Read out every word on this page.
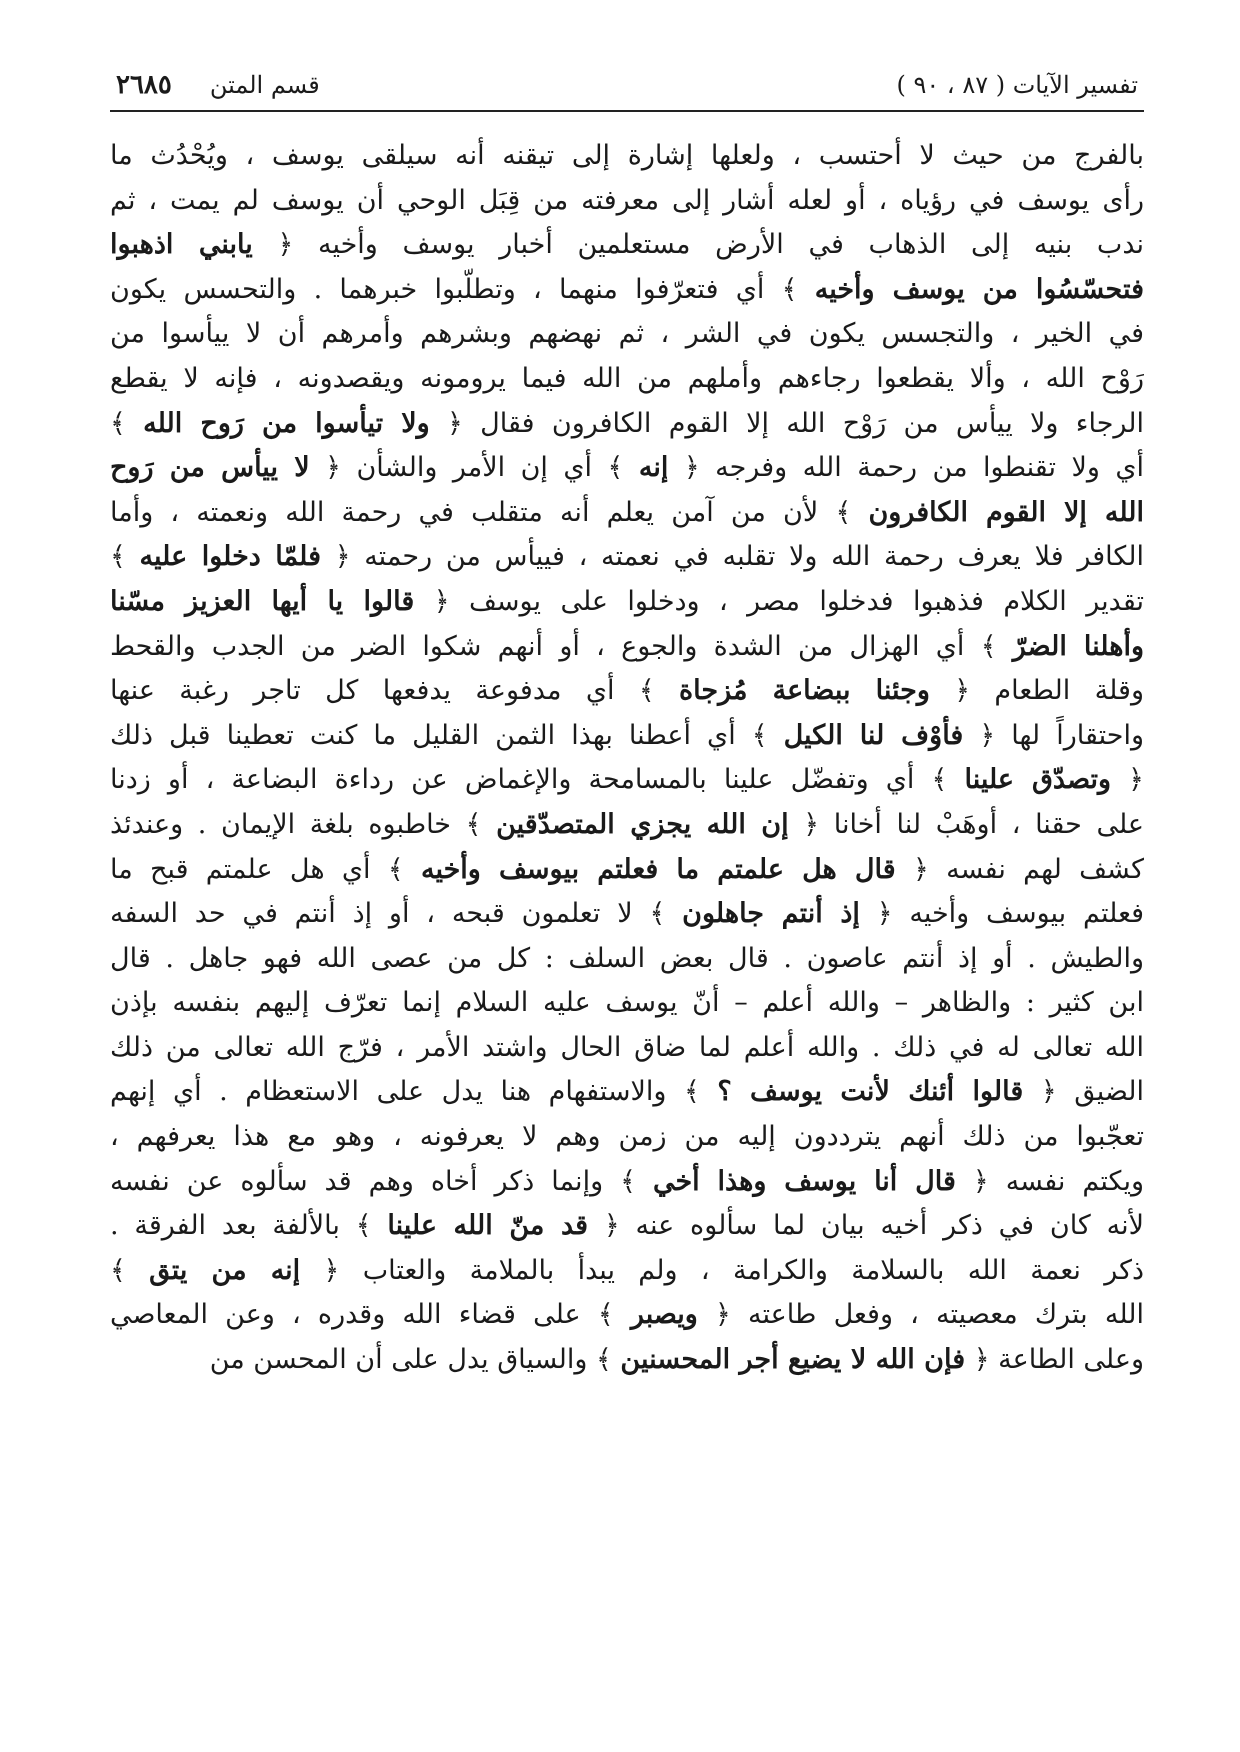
تفسير الآيات ( ٨٧ ، ٩٠ )
قسم المتن
٢٦٨٥
بالفرج من حيث لا أحتسب ، ولعلها إشارة إلى تيقنه أنه سيلقى يوسف ، ويُحْدُث ما
رأى يوسف في رؤياه ، أو لعله أشار إلى معرفته من قِبَل الوحي أن يوسف لم يمت ، ثم
ندب بنيه إلى الذهاب في الأرض مستعلمين أخبار يوسف وأخيه ﴿ يابني اذهبوا
فتحسّسُوا من يوسف وأخيه ﴾ أي فتعرّفوا منهما ، وتطلّبوا خبرهما . والتحسس يكون
في الخير ، والتجسس يكون في الشر ، ثم نهضهم وبشرهم وأمرهم أن لا ييأسوا من
رَوْح الله ، وألا يقطعوا رجاءهم وأملهم من الله فيما يرومونه ويقصدونه ، فإنه لا يقطع
الرجاء ولا ييأس من رَوْح الله إلا القوم الكافرون فقال ﴿ ولا تيأسوا من رَوح الله ﴾
أي ولا تقنطوا من رحمة الله وفرجه ﴿ إنه ﴾ أي إن الأمر والشأن ﴿ لا ييأس من رَوح
الله إلا القوم الكافرون ﴾ لأن من آمن يعلم أنه متقلب في رحمة الله ونعمته ، وأما
الكافر فلا يعرف رحمة الله ولا تقلبه في نعمته ، فييأس من رحمته ﴿ فلمّا دخلوا عليه ﴾
تقدير الكلام فذهبوا فدخلوا مصر ، ودخلوا على يوسف ﴿ قالوا يا أيها العزيز مسّنا
وأهلنا الضرّ ﴾ أي الهزال من الشدة والجوع ، أو أنهم شكوا الضر من الجدب والقحط
وقلة الطعام ﴿ وجئنا ببضاعة مُزجاة ﴾ أي مدفوعة يدفعها كل تاجر رغبة عنها
واحتقاراً لها ﴿ فأوْف لنا الكيل ﴾ أي أعطنا بهذا الثمن القليل ما كنت تعطينا قبل ذلك
﴿ وتصدّق علينا ﴾ أي وتفضّل علينا بالمسامحة والإغماض عن رداءة البضاعة ، أو زدنا
على حقنا ، أوهَبْ لنا أخانا ﴿ إن الله يجزي المتصدّقين ﴾ خاطبوه بلغة الإيمان . وعندئذ
كشف لهم نفسه ﴿ قال هل علمتم ما فعلتم بيوسف وأخيه ﴾ أي هل علمتم قبح ما
فعلتم بيوسف وأخيه ﴿ إذ أنتم جاهلون ﴾ لا تعلمون قبحه ، أو إذ أنتم في حد السفه
والطيش . أو إذ أنتم عاصون . قال بعض السلف : كل من عصى الله فهو جاهل . قال
ابن كثير : والظاهر – والله أعلم – أنّ يوسف عليه السلام إنما تعرّف إليهم بنفسه بإذن
الله تعالى له في ذلك . والله أعلم لما ضاق الحال واشتد الأمر ، فرّج الله تعالى من ذلك
الضيق ﴿ قالوا أئنك لأنت يوسف ؟ ﴾ والاستفهام هنا يدل على الاستعظام . أي إنهم
تعجّبوا من ذلك أنهم يترددون إليه من زمن وهم لا يعرفونه ، وهو مع هذا يعرفهم ،
ويكتم نفسه ﴿ قال أنا يوسف وهذا أخي ﴾ وإنما ذكر أخاه وهم قد سألوه عن نفسه
لأنه كان في ذكر أخيه بيان لما سألوه عنه ﴿ قد منّ الله علينا ﴾ بالألفة بعد الفرقة .
ذكر نعمة الله بالسلامة والكرامة ، ولم يبدأ بالملامة والعتاب ﴿ إنه من يتق ﴾
الله بترك معصيته ، وفعل طاعته ﴿ ويصبر ﴾ على قضاء الله وقدره ، وعن المعاصي
وعلى الطاعة ﴿ فإن الله لا يضيع أجر المحسنين ﴾ والسياق يدل على أن المحسن من
